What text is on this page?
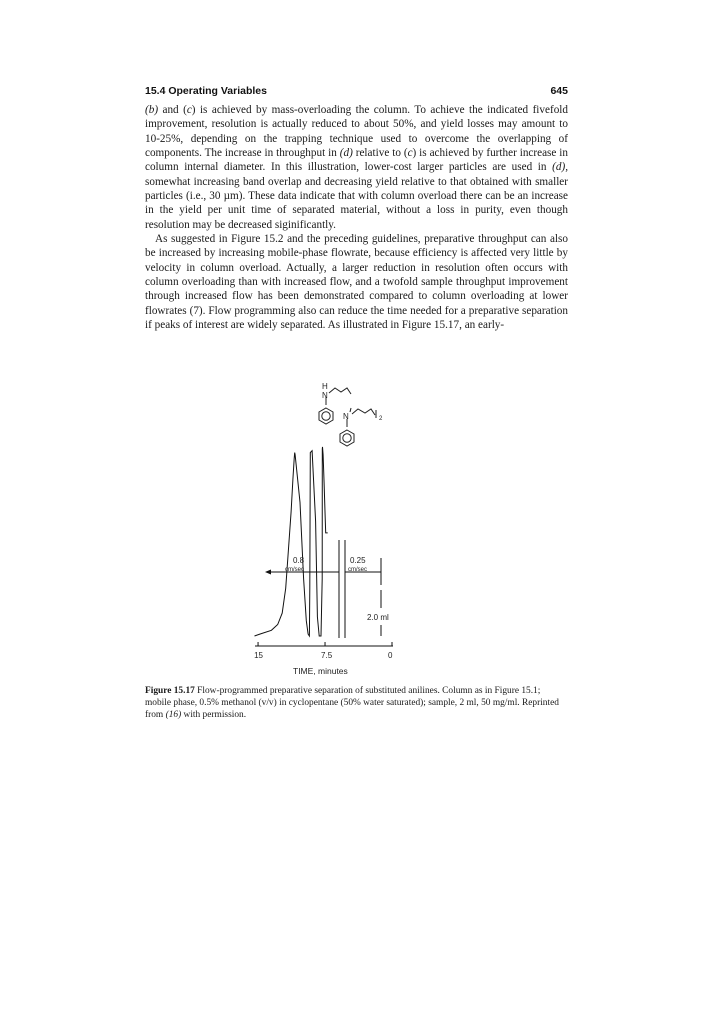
15.4 Operating Variables	645

(b) and (c) is achieved by mass-overloading the column. To achieve the indicated fivefold improvement, resolution is actually reduced to about 50%, and yield losses may amount to 10-25%, depending on the trapping technique used to overcome the overlapping of components. The increase in throughput in (d) relative to (c) is achieved by further increase in column internal diameter. In this illustration, lower-cost larger particles are used in (d), somewhat increasing band overlap and decreasing yield relative to that obtained with smaller particles (i.e., 30 µm). These data indicate that with column overload there can be an increase in the yield per unit time of separated material, without a loss in purity, even though resolution may be decreased siginificantly.

As suggested in Figure 15.2 and the preceding guidelines, preparative throughput can also be increased by increasing mobile-phase flowrate, because efficiency is affected very little by velocity in column overload. Actually, a larger reduction in resolution often occurs with column overloading than with increased flow, and a twofold sample throughput improvement through increased flow has been demonstrated compared to column overloading at lower flowrates (7). Flow programming also can reduce the time needed for a preparative separation if peaks of interest are widely separated. As illustrated in Figure 15.17, an early-

H
N
N	2
0.8
cm/sec
0.25
cm/sec
2.0 ml
15	7.5	0
TIME, minutes
Figure 15.17 Flow-programmed preparative separation of substituted anilines. Column as in Figure 15.1; mobile phase, 0.5% methanol (v/v) in cyclopentane (50% water saturated); sample, 2 ml, 50 mg/ml. Reprinted from (16) with permission.
